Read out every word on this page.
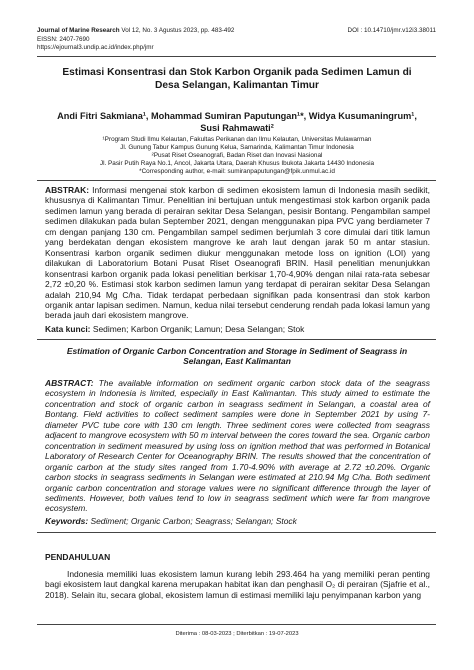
Journal of Marine Research Vol 12, No. 3 Agustus 2023, pp. 483-492	DOI : 10.14710/jmr.v12i3.38011
EISSN: 2407-7690
https://ejournal3.undip.ac.id/index.php/jmr
Estimasi Konsentrasi dan Stok Karbon Organik pada Sedimen Lamun di Desa Selangan, Kalimantan Timur
Andi Fitri Sakmiana¹, Mohammad Sumiran Paputungan¹*, Widya Kusumaningrum¹,
Susi Rahmawati²
¹Program Studi Ilmu Kelautan, Fakultas Perikanan dan Ilmu Kelautan, Universitas Mulawarman
Jl. Gunung Tabur Kampus Gunung Kelua, Samarinda, Kalimantan Timur Indonesia
²Pusat Riset Oseanografi, Badan Riset dan Inovasi Nasional
Jl. Pasir Putih Raya No.1, Ancol, Jakarta Utara, Daerah Khusus Ibukota Jakarta 14430 Indonesia
*Corresponding author, e-mail: sumiranpaputungan@fpik.unmul.ac.id
ABSTRAK: Informasi mengenai stok karbon di sedimen ekosistem lamun di Indonesia masih sedikit, khususnya di Kalimantan Timur. Penelitian ini bertujuan untuk mengestimasi stok karbon organik pada sedimen lamun yang berada di perairan sekitar Desa Selangan, pesisir Bontang. Pengambilan sampel sedimen dilakukan pada bulan September 2021, dengan menggunakan pipa PVC yang berdiameter 7 cm dengan panjang 130 cm. Pengambilan sampel sedimen berjumlah 3 core dimulai dari titik lamun yang berdekatan dengan ekosistem mangrove ke arah laut dengan jarak 50 m antar stasiun. Konsentrasi karbon organik sedimen diukur menggunakan metode loss on ignition (LOI) yang dilakukan di Laboratorium Botani Pusat Riset Oseanografi BRIN. Hasil penelitian menunjukkan konsentrasi karbon organik pada lokasi penelitian berkisar 1,70-4,90% dengan nilai rata-rata sebesar 2,72 ±0,20 %. Estimasi stok karbon sedimen lamun yang terdapat di perairan sekitar Desa Selangan adalah 210,94 Mg C/ha. Tidak terdapat perbedaan signifikan pada konsentrasi dan stok karbon organik antar lapisan sedimen. Namun, kedua nilai tersebut cenderung rendah pada lokasi lamun yang berada jauh dari ekosistem mangrove.
Kata kunci: Sedimen; Karbon Organik; Lamun; Desa Selangan; Stok
Estimation of Organic Carbon Concentration and Storage in Sediment of Seagrass in Selangan, East Kalimantan
ABSTRACT: The available information on sediment organic carbon stock data of the seagrass ecosystem in Indonesia is limited, especially in East Kalimantan. This study aimed to estimate the concentration and stock of organic carbon in seagrass sediment in Selangan, a coastal area of Bontang. Field activities to collect sediment samples were done in September 2021 by using 7-diameter PVC tube core with 130 cm length. Three sediment cores were collected from seagrass adjacent to mangrove ecosystem with 50 m interval between the cores toward the sea. Organic carbon concentration in sediment measured by using loss on ignition method that was performed in Botanical Laboratory of Research Center for Oceanography BRIN. The results showed that the concentration of organic carbon at the study sites ranged from 1.70-4.90% with average at 2.72 ±0.20%. Organic carbon stocks in seagrass sediments in Selangan were estimated at 210.94 Mg C/ha. Both sediment organic carbon concentration and storage values were no significant difference through the layer of sediments. However, both values tend to low in seagrass sediment which were far from mangrove ecosystem.
Keywords: Sediment; Organic Carbon; Seagrass; Selangan; Stock
PENDAHULUAN
Indonesia memiliki luas ekosistem lamun kurang lebih 293.464 ha yang memiliki peran penting bagi ekosistem laut dangkal karena merupakan habitat ikan dan penghasil O₂ di perairan (Sjafrie et al., 2018). Selain itu, secara global, ekosistem lamun di estimasi memiliki laju penyimpanan karbon yang
Diterima : 08-03-2023 ; Diterbitkan : 19-07-2023
